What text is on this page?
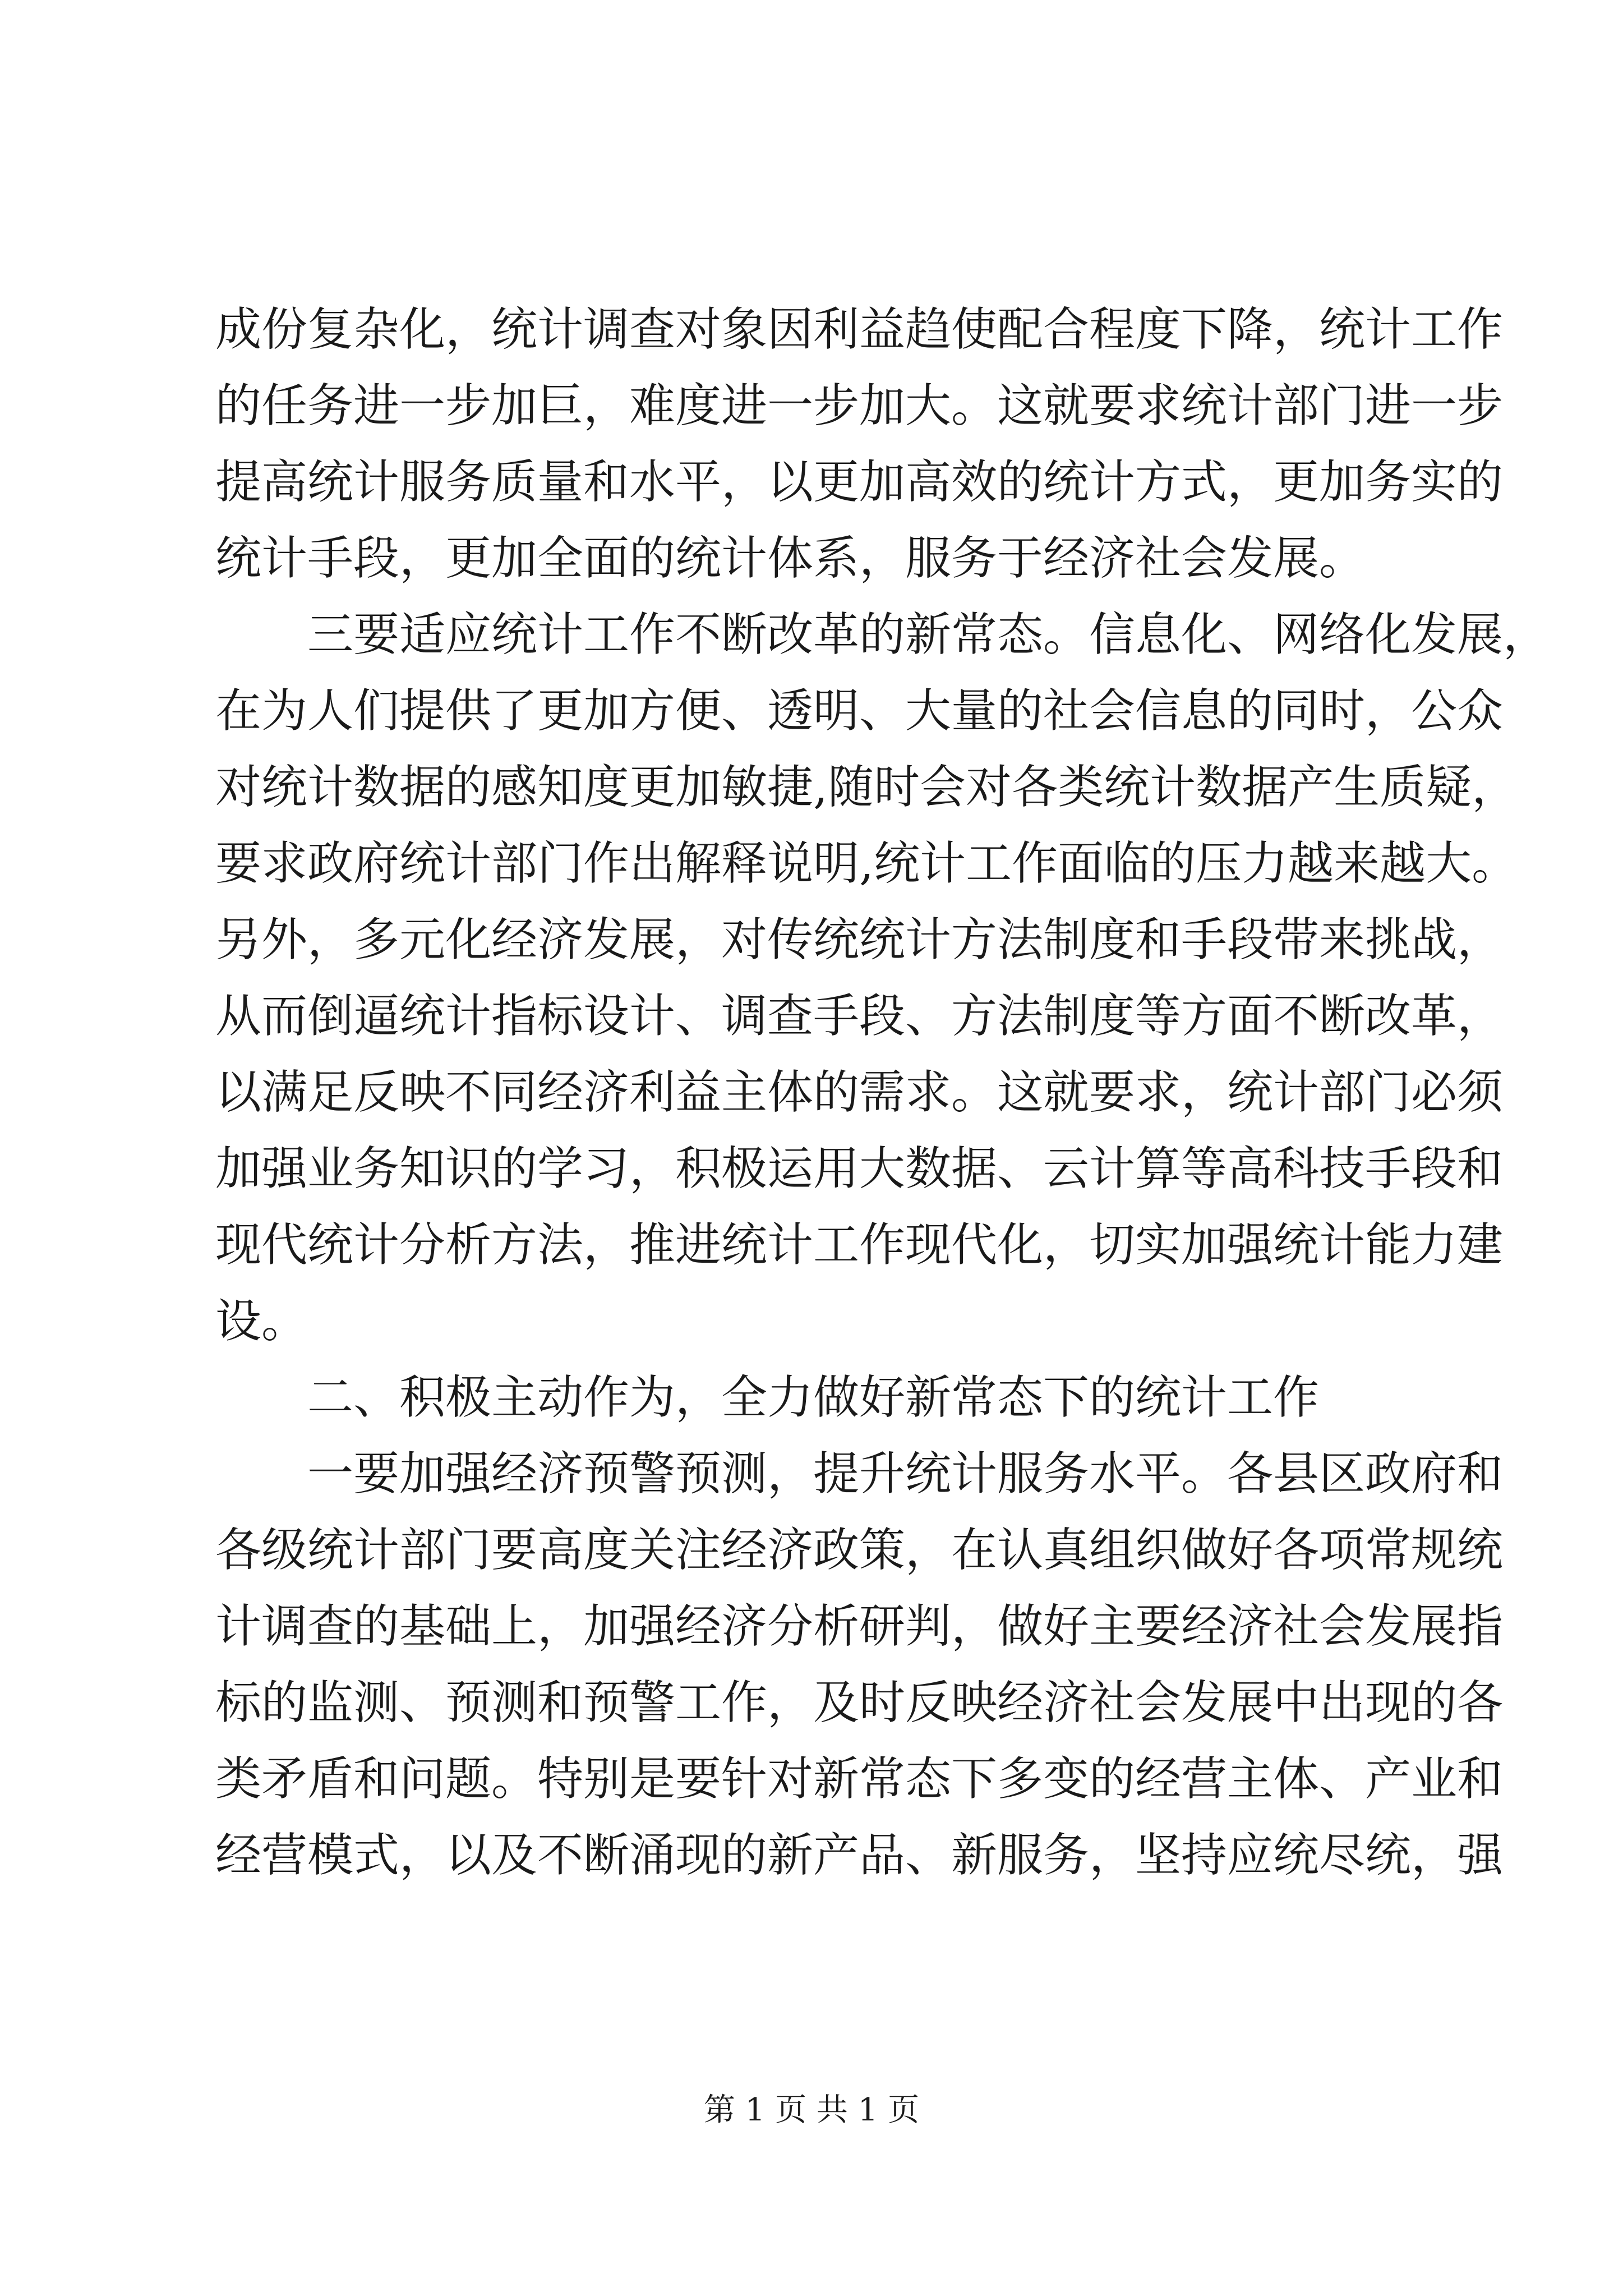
成份复杂化，统计调查对象因利益趋使配合程度下降，统计工作
的任务进一步加巨，难度进一步加大。这就要求统计部门进一步
提高统计服务质量和水平，以更加高效的统计方式，更加务实的
统计手段，更加全面的统计体系，服务于经济社会发展。
三要适应统计工作不断改革的新常态。信息化、网络化发展，
在为人们提供了更加方便、透明、大量的社会信息的同时，公众
对统计数据的感知度更加敏捷,随时会对各类统计数据产生质疑，
要求政府统计部门作出解释说明,统计工作面临的压力越来越大。
另外，多元化经济发展，对传统统计方法制度和手段带来挑战，
从而倒逼统计指标设计、调查手段、方法制度等方面不断改革，
以满足反映不同经济利益主体的需求。这就要求，统计部门必须
加强业务知识的学习，积极运用大数据、云计算等高科技手段和
现代统计分析方法，推进统计工作现代化，切实加强统计能力建
设。
二、积极主动作为，全力做好新常态下的统计工作
一要加强经济预警预测，提升统计服务水平。各县区政府和
各级统计部门要高度关注经济政策，在认真组织做好各项常规统
计调查的基础上，加强经济分析研判，做好主要经济社会发展指
标的监测、预测和预警工作，及时反映经济社会发展中出现的各
类矛盾和问题。特别是要针对新常态下多变的经营主体、产业和
经营模式，以及不断涌现的新产品、新服务，坚持应统尽统，强
第 1 页 共 1 页
